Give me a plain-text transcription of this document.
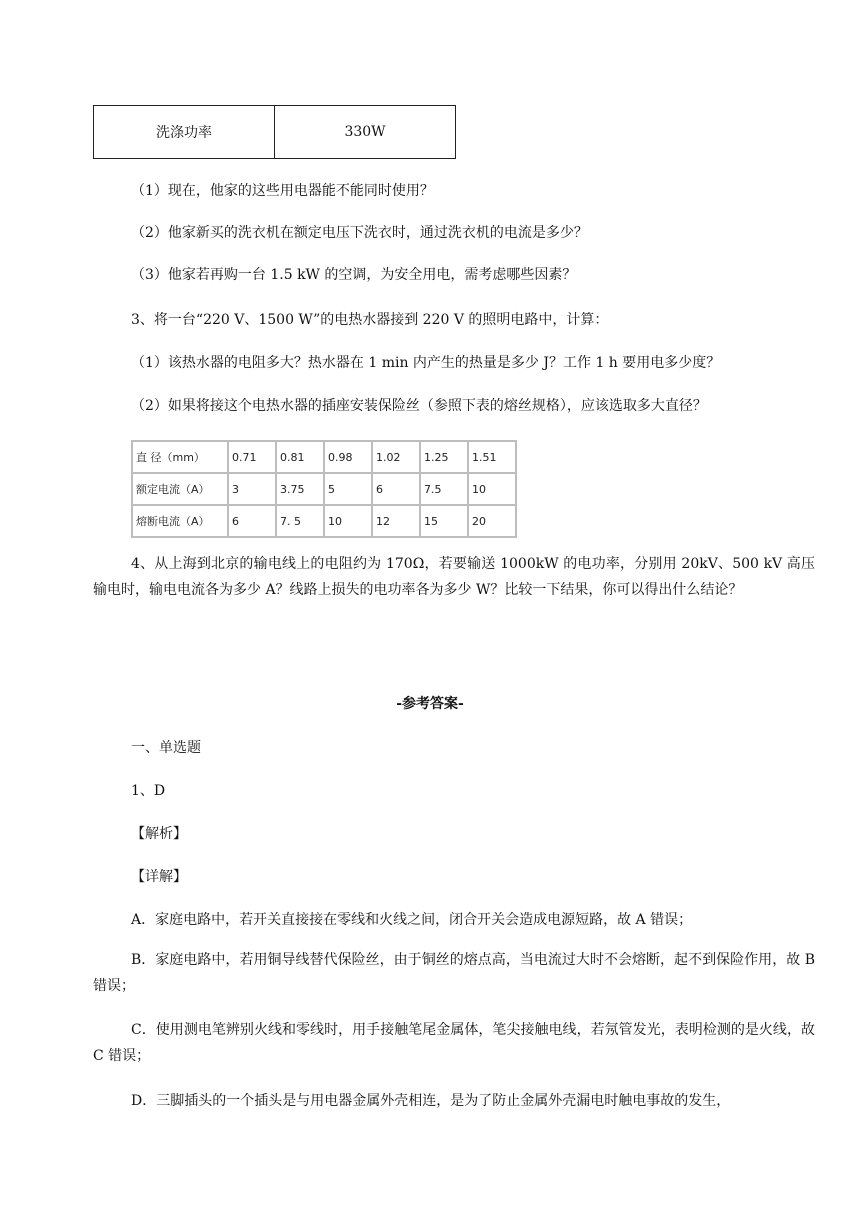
洗涤功率	330W

（1）现在，他家的这些用电器能不能同时使用？

（2）他家新买的洗衣机在额定电压下洗衣时，通过洗衣机的电流是多少？

（3）他家若再购一台 1.5 kW 的空调，为安全用电，需考虑哪些因素？

3、将一台“220 V、1500 W”的电热水器接到 220 V 的照明电路中，计算：

（1）该热水器的电阻多大？热水器在 1 min 内产生的热量是多少 J？工作 1 h 要用电多少度？

（2）如果将接这个电热水器的插座安装保险丝（参照下表的熔丝规格），应该选取多大直径？

直 径（mm）	0.71	0.81	0.98	1.02	1.25	1.51
额定电流（A）	3	3.75	5	6	7.5	10
熔断电流（A）	6	7. 5	10	12	15	20

4、从上海到北京的输电线上的电阻约为 170Ω，若要输送 1000kW 的电功率，分别用 20kV、500 kV 高压输电时，输电电流各为多少 A？线路上损失的电功率各为多少 W？比较一下结果，你可以得出什么结论？

-参考答案-

一、单选题

1、D

【解析】

【详解】

A．家庭电路中，若开关直接接在零线和火线之间，闭合开关会造成电源短路，故 A 错误；

B．家庭电路中，若用铜导线替代保险丝，由于铜丝的熔点高，当电流过大时不会熔断，起不到保险作用，故 B 错误；

C．使用测电笔辨别火线和零线时，用手接触笔尾金属体，笔尖接触电线，若氖管发光，表明检测的是火线，故 C 错误；

D．三脚插头的一个插头是与用电器金属外壳相连，是为了防止金属外壳漏电时触电事故的发生，
